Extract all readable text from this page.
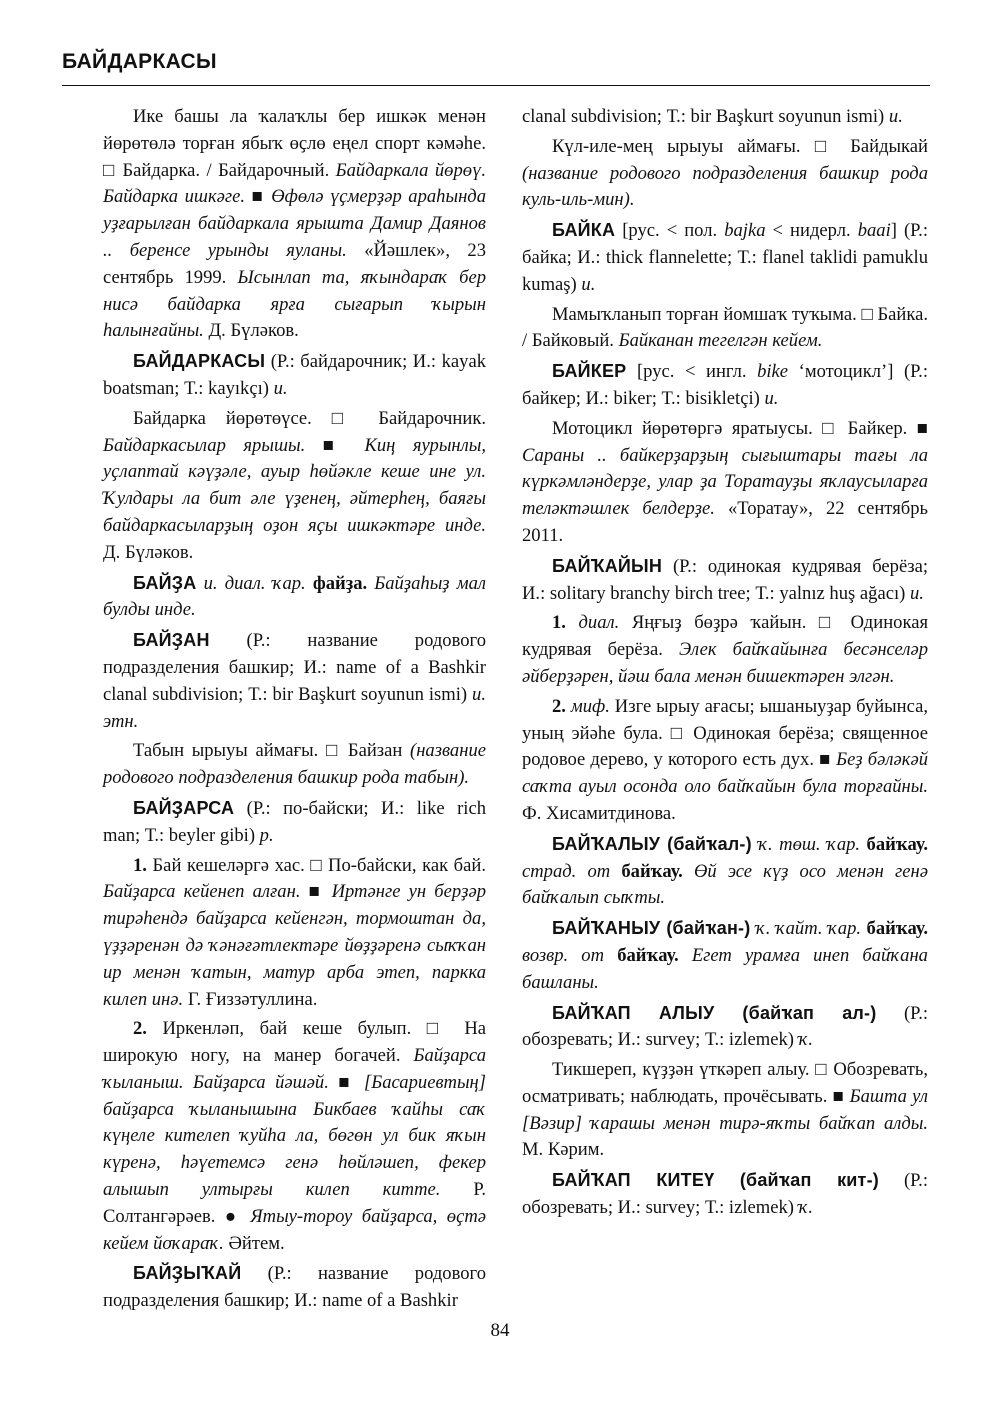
БАЙДАРКАСЫ

Ике башы ла ҡалаҡлы бер ишкәк менән йөрөтөлә торған ябыҡ өҫлө еңел спорт кәмәһе. □ Байдарка. / Байдарочный. Байдаркала йөрөү. Байдарка ишкәге. ■ Өфөлә үҫмерҙәр араһында уҙғарылған байдаркала ярышта Дамир Даянов .. беренсе урынды яуланы. «Йәшлек», 23 сентябрь 1999. Ысынлап та, яҡындараҡ бер нисә байдарка ярға сығарып ҡырын һалынғайны. Д. Бүләков.

БАЙДАРКАСЫ (Р.: байдарочник; И.: kayak boatsman; Т.: kayıkçı) и.

Байдарка йөрөтөүсе. □ Байдарочник. Байдаркасылар ярышы. ■ Киң яурынлы, уҫлаптай кәүҙәле, ауыр һөйәкле кеше ине ул. Ҡулдары ла бит әле үҙенең, әйтерһең, баяғы байдаркасыларҙың оҙон яҫы ишкәктәре инде. Д. Бүләков.

БАЙҘА и. диал. ҡар. файҙа. Байҙаһыҙ мал булды инде.

БАЙҘАН (Р.: название родового подразделения башкир; И.: name of a Bashkir clanal subdivision; Т.: bir Başkurt soyunun ismi) и. этн.

Табын ырыуы аймағы. □ Байзан (название родового подразделения башкир рода табын).

БАЙҘАРСА (Р.: по-байски; И.: like rich man; Т.: beyler gibi) р.

1. Бай кешеләргә хас. □ По-байски, как бай. Байҙарса кейенеп алған. ■ Иртәнге ун берҙәр тирәһендә байҙарса кейенгән, тормоштан да, үҙҙәренән дә ҡәнәғәтлектәре йөҙҙәренә сыҡҡан ир менән ҡатын, матур арба этеп, паркка килеп инә. Г. Ғиззәтуллина.

2. Иркенләп, бай кеше булып. □ На широкую ногу, на манер богачей. Байҙарса ҡыланыш. Байҙарса йәшәй. ■ [Басариевтың] байҙарса ҡыланышына Бикбаев ҡайһы саҡ күңеле кителеп ҡуйһа ла, бөгөн ул бик яҡын күренә, һәүетемсә генә һөйләшеп, фекер алышып ултырғы килеп китте. Р. Солтангәрәев. ● Ятыу-тороу байҙарса, өҫтә кейем йоҡараҡ. Әйтем.

БАЙҘЫҠАЙ (Р.: название родового подразделения башкир; И.: name of a Bashkir

clanal subdivision; Т.: bir Başkurt soyunun ismi) и.

Күл-иле-мең ырыуы аймағы. □ Байдыкай (название родового подразделения башкир рода куль-иль-мин).

БАЙКА [рус. < пол. bajka < нидерл. baai] (Р.: байка; И.: thick flannelette; Т.: flanel taklidi pamuklu kumaş) и.

Мамыҡланып торған йомшаҡ туҡыма. □ Байка. / Байковый. Байканан тегелгән кейем.

БАЙКЕР [рус. < ингл. bike ‘мотоцикл’] (Р.: байкер; И.: biker; Т.: bisikletçi) и.

Мотоцикл йөрөтөргә яратыусы. □ Байкер. ■ Сараны .. байкерҙарҙың сығыштары тағы ла күркәмләндерҙе, улар ҙа Торатауҙы яҡлаусыларға теләктәшлек белдерҙе. «Торатау», 22 сентябрь 2011.

БАЙҠАЙЫН (Р.: одинокая кудрявая берёза; И.: solitary branchy birch tree; Т.: yalnız huş ağacı) и.

1. диал. Яңғыҙ бөҙрә ҡайын. □ Одинокая кудрявая берёза. Элек байҡайынға бесәнселәр әйберҙәрен, йәш бала менән бишектәрен элгән.

2. миф. Изге ырыу ағасы; ышаныуҙар буйынса, уның эйәһе була. □ Одинокая берёза; священное родовое дерево, у которого есть дух. ■ Беҙ бәләкәй саҡта ауыл осонда оло байҡайын була торғайны. Ф. Хисамитдинова.

БАЙҠАЛЫУ (байҡал-) ҡ. төш. ҡар. байҡау. страд. от байҡау. Өй эсе күҙ осо менән генә байҡалып сыҡты.

БАЙҠАНЫУ (байҡан-) ҡ. ҡайт. ҡар. байҡау. возвр. от байҡау. Егет урамға инеп байҡана башланы.

БАЙҠАП АЛЫУ (байҡап ал-) (Р.: обозревать; И.: survey; Т.: izlemek) ҡ.

Тикшереп, күҙҙән үткәреп алыу. □ Обозревать, осматривать; наблюдать, прочёсывать. ■ Башта ул [Вәзир] ҡарашы менән тирә-яҡты байҡап алды. М. Кәрим.

БАЙҠАП КИТЕҮ (байҡап кит-) (Р.: обозревать; И.: survey; Т.: izlemek) ҡ.

84
